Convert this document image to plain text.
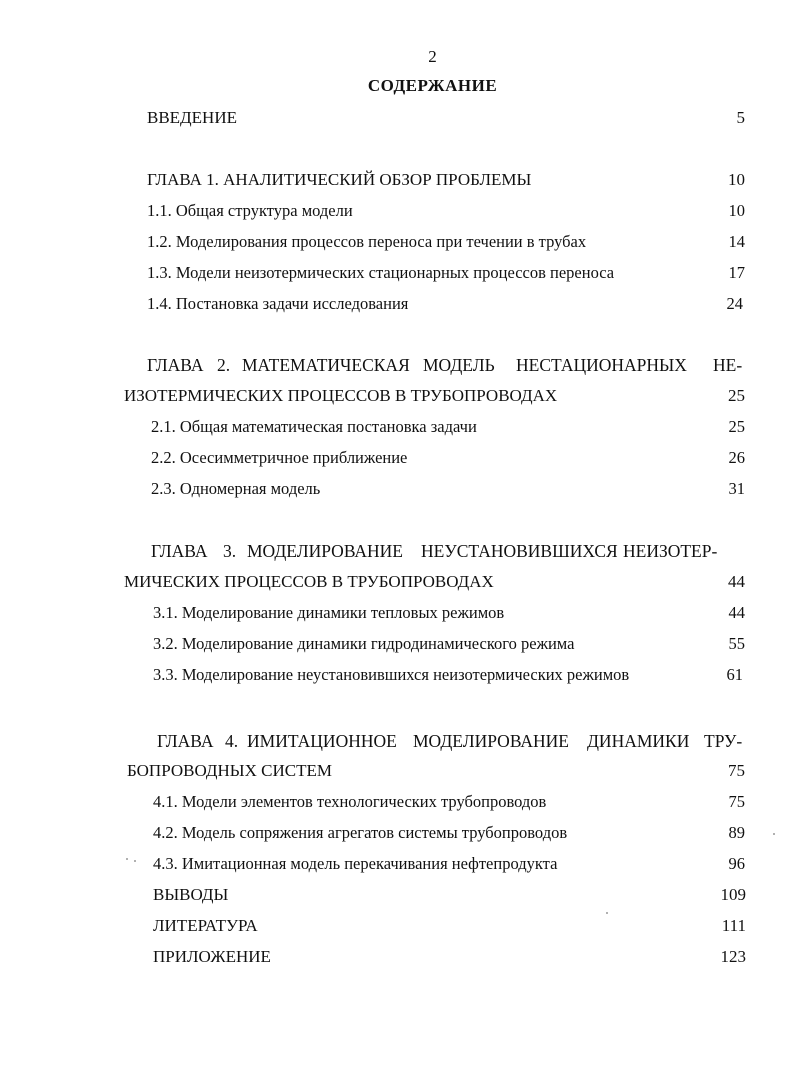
2
СОДЕРЖАНИЕ
ВВЕДЕНИЕ	5
ГЛАВА 1. АНАЛИТИЧЕСКИЙ ОБЗОР ПРОБЛЕМЫ	10
1.1. Общая структура модели	10
1.2. Моделирования процессов переноса при течении в трубах	14
1.3. Модели неизотермических стационарных процессов переноса	17
1.4. Постановка задачи исследования	24
ГЛАВА 2. МАТЕМАТИЧЕСКАЯ МОДЕЛЬ НЕСТАЦИОНАРНЫХ НЕ-
ИЗОТЕРМИЧЕСКИХ ПРОЦЕССОВ В ТРУБОПРОВОДАХ	25
2.1. Общая математическая постановка задачи	25
2.2. Осесимметричное приближение	26
2.3. Одномерная модель	31
ГЛАВА 3. МОДЕЛИРОВАНИЕ НЕУСТАНОВИВШИХСЯ НЕИЗОТЕР-
МИЧЕСКИХ ПРОЦЕССОВ В ТРУБОПРОВОДАХ	44
3.1. Моделирование динамики тепловых режимов	44
3.2. Моделирование динамики гидродинамического режима	55
3.3. Моделирование неустановившихся неизотермических режимов	61
ГЛАВА 4. ИМИТАЦИОННОЕ МОДЕЛИРОВАНИЕ ДИНАМИКИ ТРУ-
БОПРОВОДНЫХ СИСТЕМ	75
4.1. Модели элементов технологических трубопроводов	75
4.2. Модель сопряжения агрегатов системы трубопроводов	89
4.3. Имитационная модель перекачивания нефтепродукта	96
ВЫВОДЫ	109
ЛИТЕРАТУРА	111
ПРИЛОЖЕНИЕ	123
